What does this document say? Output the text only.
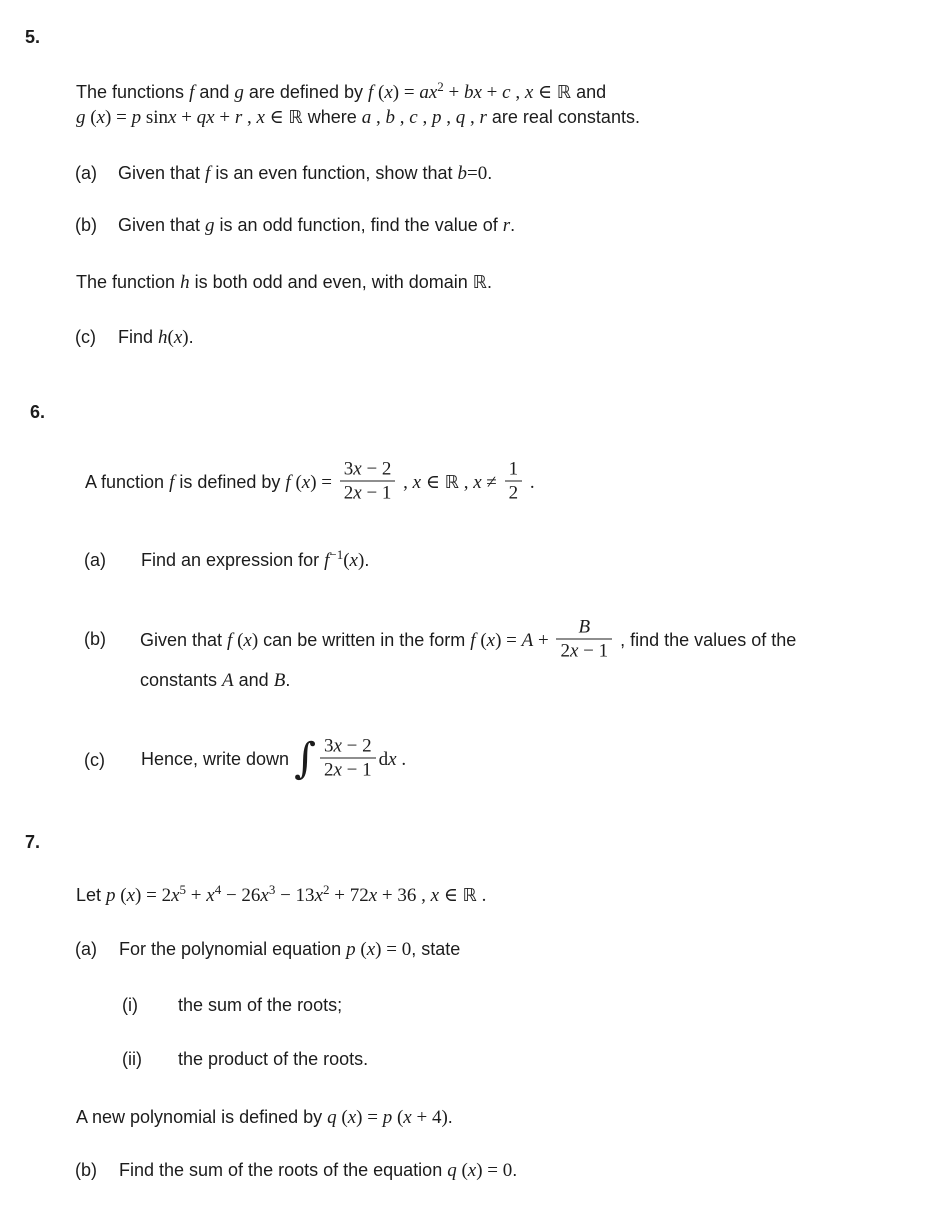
5.
The functions f and g are defined by f $(x) = ax^2$ + bx + c , x ∈ ℝ and
g (x) = p sinx + qx + r , x ∈ ℝ where a , b , c , p , q , r are real constants.
(a) Given that f is an even function, show that b=0.
(b) Given that g is an odd function, find the value of r.
The function h is both odd and even, with domain ℝ.
(c) Find h(x).
6.
A function f is defined by f $(x) = \frac{3x - 2}{2x - 1}$ , x ∈ ℝ , $x \ne \frac{1}{2}$ .
(a) Find an expression for $f^{-1}(x)$.
(b) Given that f (x) can be written in the form f $(x) = A + \frac{B}{2x - 1}$ , find the values of the
constants A and B.
(c) Hence, write down ∫ $\frac{3x - 2}{2x - 1}$ dx .
7.
Let p $(x) = 2x^5 + x^4 - 26x^3 - 13x^2 + 72x + 36$ , x ∈ ℝ .
(a) For the polynomial equation p (x) = 0, state
(i) the sum of the roots;
(ii) the product of the roots.
A new polynomial is defined by q (x) = p (x + 4).
(b) Find the sum of the roots of the equation q (x) = 0.
